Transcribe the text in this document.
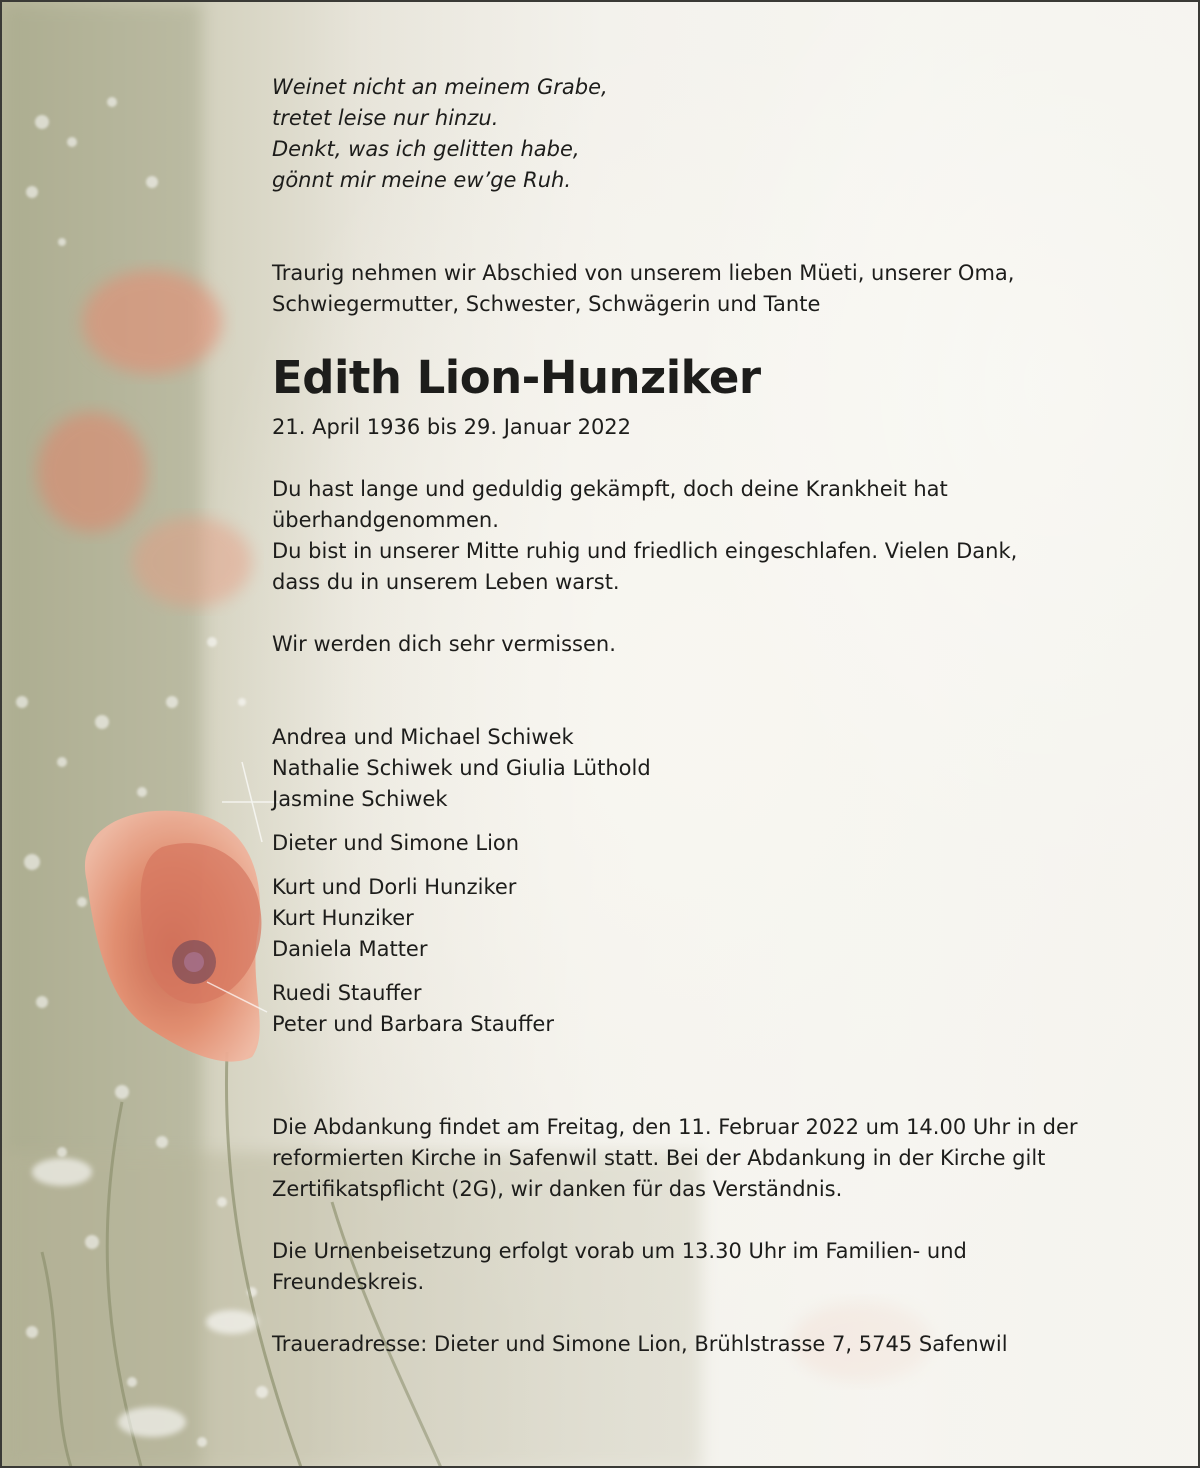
Weinet nicht an meinem Grabe,
tretet leise nur hinzu.
Denkt, was ich gelitten habe,
gönnt mir meine ew’ge Ruh.
Traurig nehmen wir Abschied von unserem lieben Müeti, unserer Oma,
Schwiegermutter, Schwester, Schwägerin und Tante
Edith Lion-Hunziker
21. April 1936 bis 29. Januar 2022
Du hast lange und geduldig gekämpft, doch deine Krankheit hat
überhandgenommen.
Du bist in unserer Mitte ruhig und friedlich eingeschlafen. Vielen Dank,
dass du in unserem Leben warst.
Wir werden dich sehr vermissen.
Andrea und Michael Schiwek
Nathalie Schiwek und Giulia Lüthold
Jasmine Schiwek
Dieter und Simone Lion
Kurt und Dorli Hunziker
Kurt Hunziker
Daniela Matter
Ruedi Stauffer
Peter und Barbara Stauffer
Die Abdankung findet am Freitag, den 11. Februar 2022 um 14.00 Uhr in der
reformierten Kirche in Safenwil statt. Bei der Abdankung in der Kirche gilt
Zertifikatspflicht (2G), wir danken für das Verständnis.
Die Urnenbeisetzung erfolgt vorab um 13.30 Uhr im Familien- und
Freundeskreis.
Traueradresse: Dieter und Simone Lion, Brühlstrasse 7, 5745 Safenwil
